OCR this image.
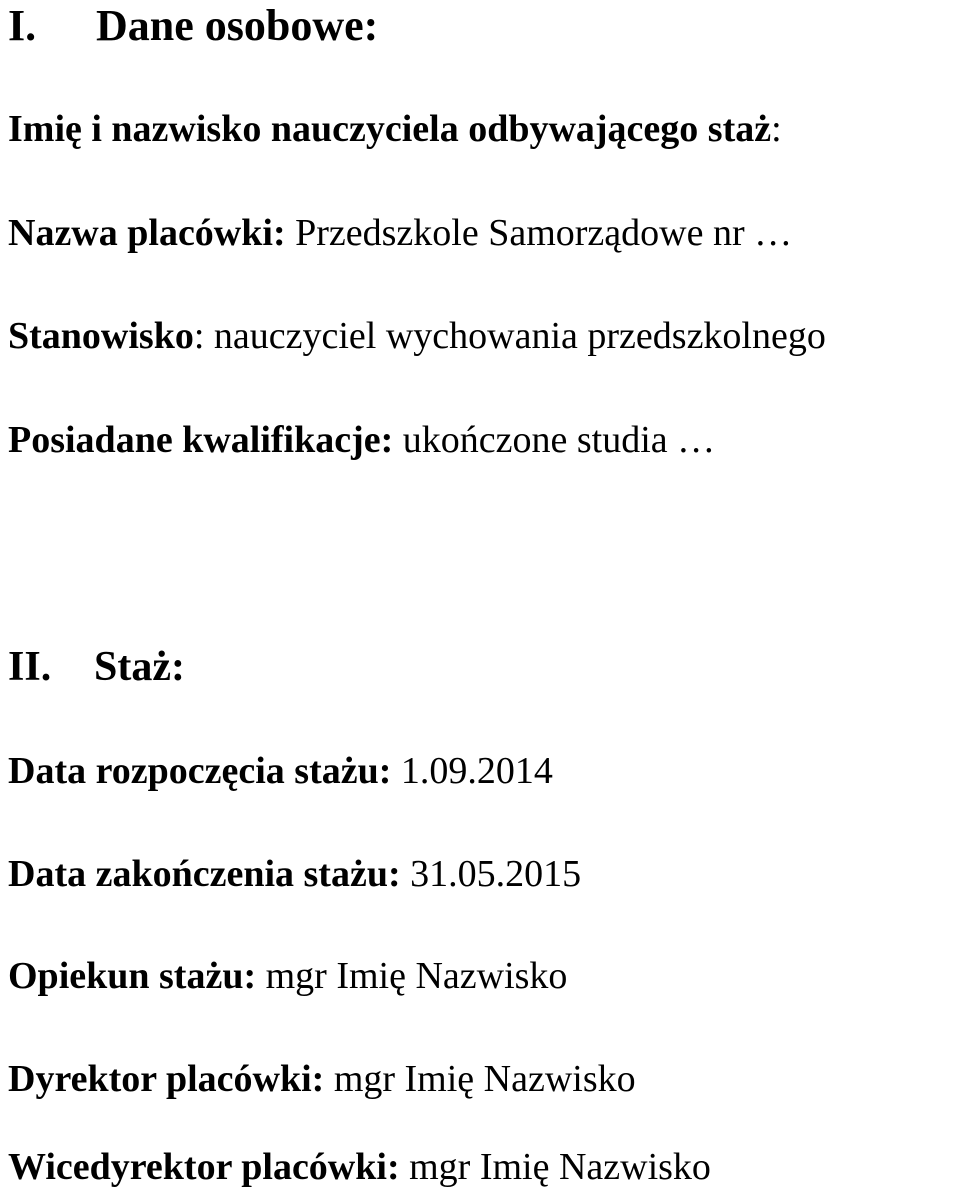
I. Dane osobowe:
Imię i nazwisko nauczyciela odbywającego staż:
Nazwa placówki: Przedszkole Samorządowe nr …
Stanowisko: nauczyciel wychowania przedszkolnego
Posiadane kwalifikacje: ukończone studia …
II. Staż:
Data rozpoczęcia stażu: 1.09.2014
Data zakończenia stażu: 31.05.2015
Opiekun stażu: mgr Imię Nazwisko
Dyrektor placówki: mgr Imię Nazwisko
Wicedyrektor placówki: mgr Imię Nazwisko
